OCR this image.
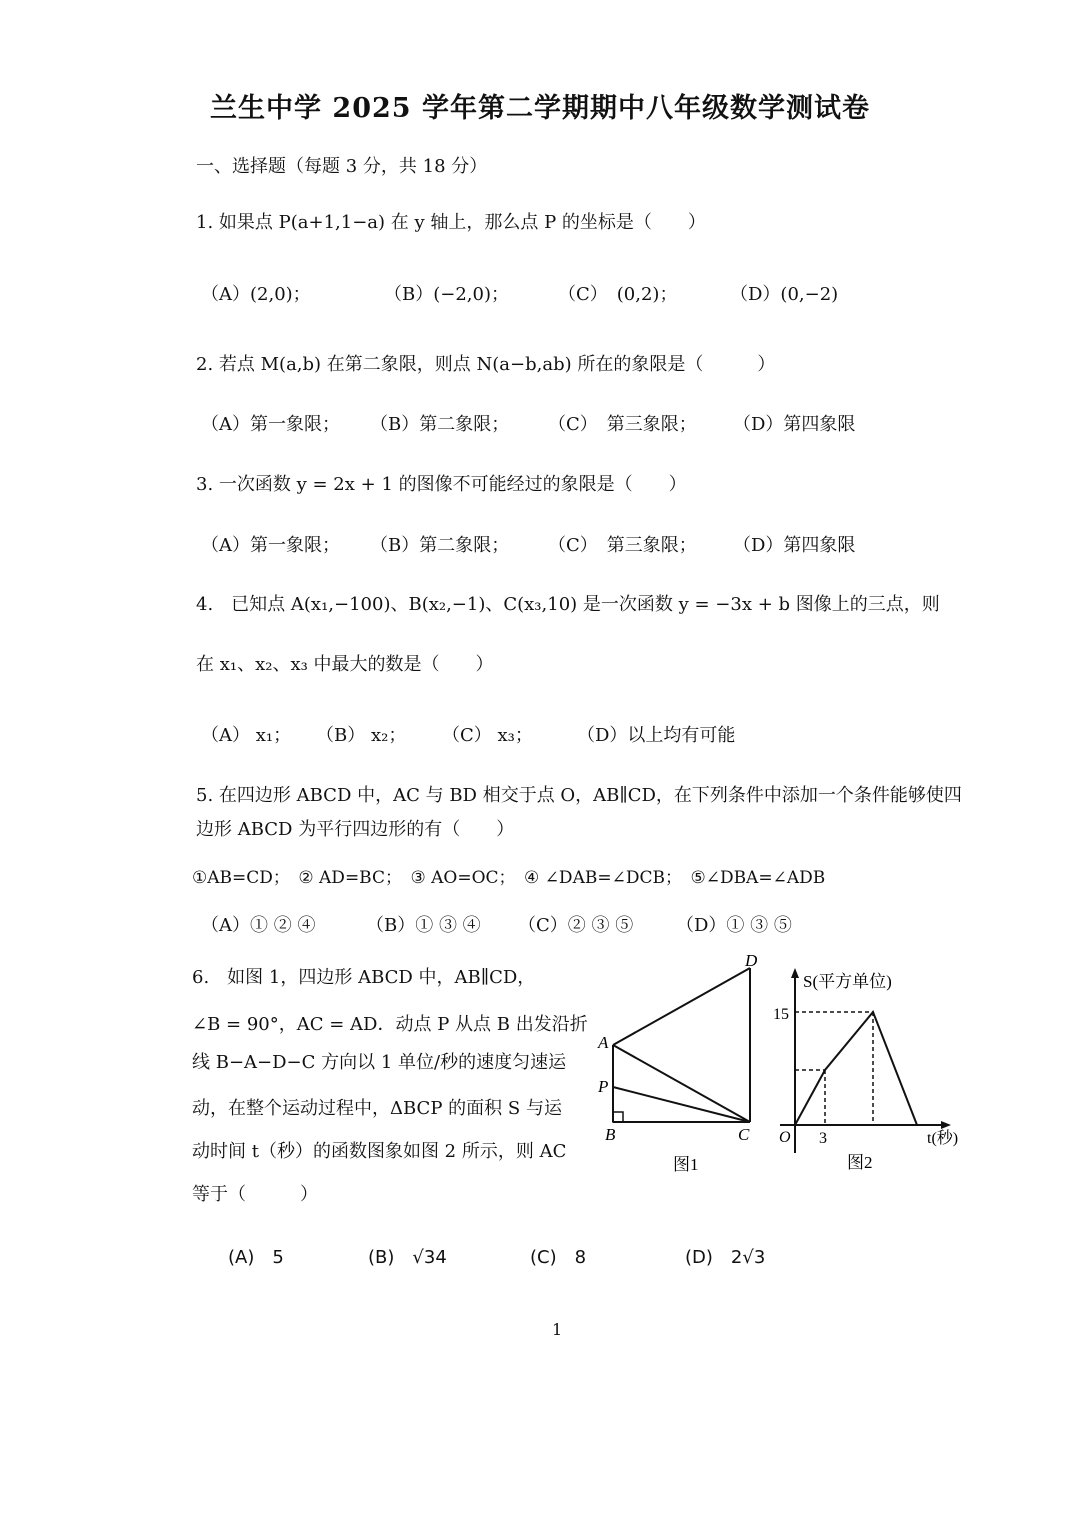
兰生中学 2025 学年第二学期期中八年级数学测试卷
一、选择题（每题 3 分，共 18 分）
1. 如果点 P(a+1,1−a) 在 y 轴上，那么点 P 的坐标是（　　）
（A）(2,0)；	（B）(−2,0)；	（C）　(0,2)；	（D）(0,−2)
2. 若点 M(a,b) 在第二象限，则点 N(a−b,ab) 所在的象限是（　　　）
（A）第一象限； （B）第二象限； （C）　第三象限； （D）第四象限
3. 一次函数 y = 2x + 1 的图像不可能经过的象限是（　　）
（A）第一象限； （B）第二象限； （C）　第三象限； （D）第四象限
4.　已知点 A(x₁,−100)、B(x₂,−1)、C(x₃,10) 是一次函数 y = −3x + b 图像上的三点，则
在 x₁、x₂、x₃ 中最大的数是（　　）
（A） x₁； （B） x₂； （C） x₃； （D）以上均有可能
5. 在四边形 ABCD 中，AC 与 BD 相交于点 O，AB∥CD，在下列条件中添加一个条件能够使四
边形 ABCD 为平行四边形的有（　　）
①AB=CD；　② AD=BC；　③ AO=OC；　④ ∠DAB=∠DCB；　⑤∠DBA=∠ADB
（A）① ② ④	（B）① ③ ④ （C）② ③ ⑤ （D）① ③ ⑤
6.　如图 1，四边形 ABCD 中，AB∥CD，
∠B = 90°，AC = AD．动点 P 从点 B 出发沿折
线 B−A−D−C 方向以 1 单位/秒的速度匀速运
动，在整个运动过程中，ΔBCP 的面积 S 与运
动时间 t（秒）的函数图象如图 2 所示，则 AC
等于（　　　）
(A)　5	(B)　√34	(C)　8	(D)　2√3
D
A
P
B	C
图1
S(平方单位)
15
O 3	t(秒)
图2
1
